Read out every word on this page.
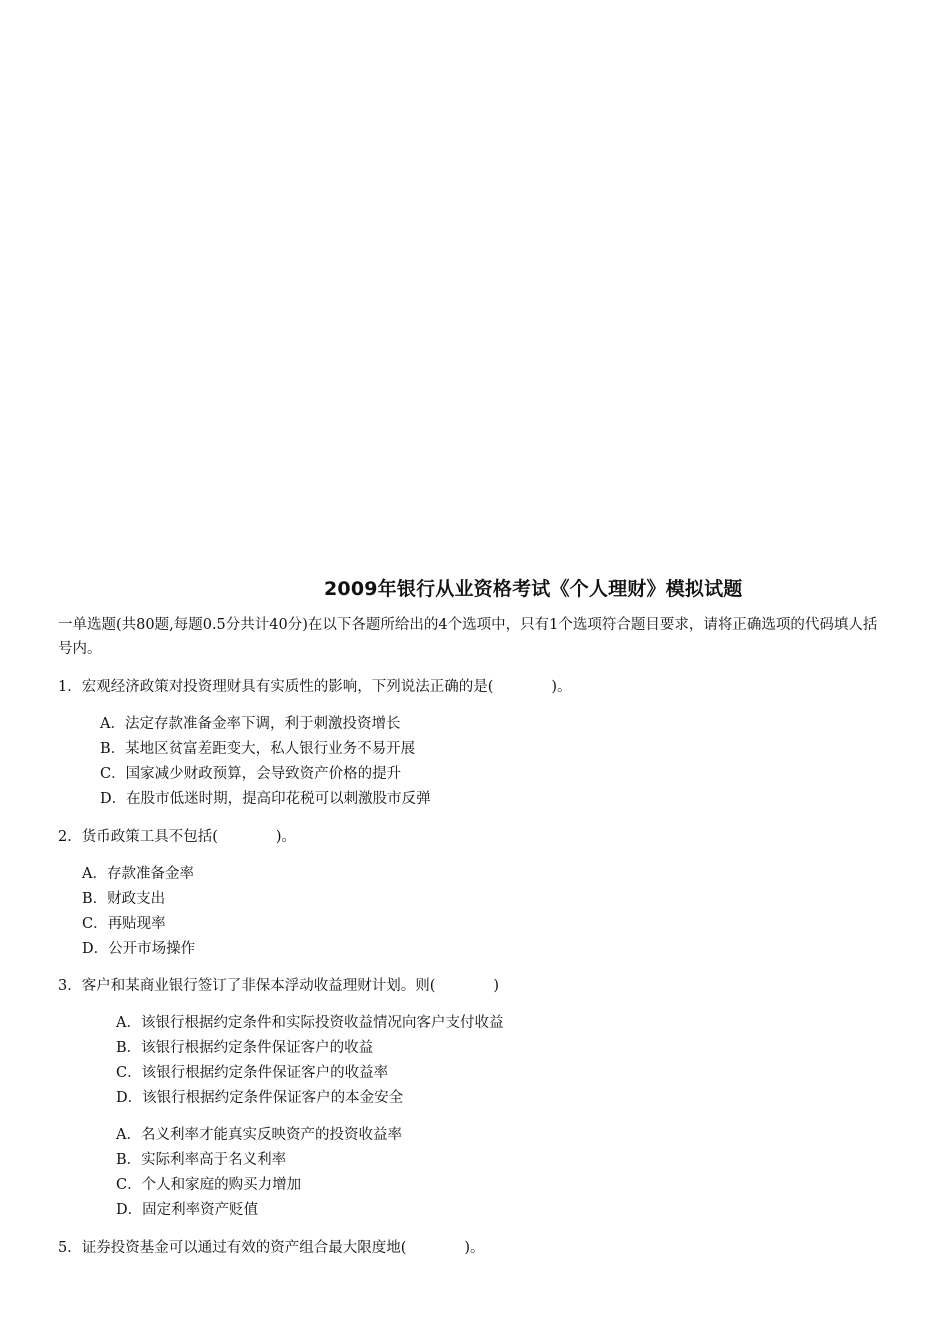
2009年银行从业资格考试《个人理财》模拟试题
一单选题(共80题,每题0.5分共计40分)在以下各题所给出的4个选项中，只有1个选项符合题目要求，请将正确选项的代码填人括号内。
1．宏观经济政策对投资理财具有实质性的影响，下列说法正确的是(　　　　)。
A．法定存款准备金率下调，利于刺激投资增长
B．某地区贫富差距变大，私人银行业务不易开展
C．国家减少财政预算，会导致资产价格的提升
D．在股市低迷时期，提高印花税可以刺激股市反弹
2．货币政策工具不包括(　　　　)。
A．存款准备金率
B．财政支出
C．再贴现率
D．公开市场操作
3．客户和某商业银行签订了非保本浮动收益理财计划。则(　　　　)
A．该银行根据约定条件和实际投资收益情况向客户支付收益
B．该银行根据约定条件保证客户的收益
C．该银行根据约定条件保证客户的收益率
D．该银行根据约定条件保证客户的本金安全
A．名义利率才能真实反映资产的投资收益率
B．实际利率高于名义利率
C．个人和家庭的购买力增加
D．固定利率资产贬值
5．证券投资基金可以通过有效的资产组合最大限度地(　　　　)。
